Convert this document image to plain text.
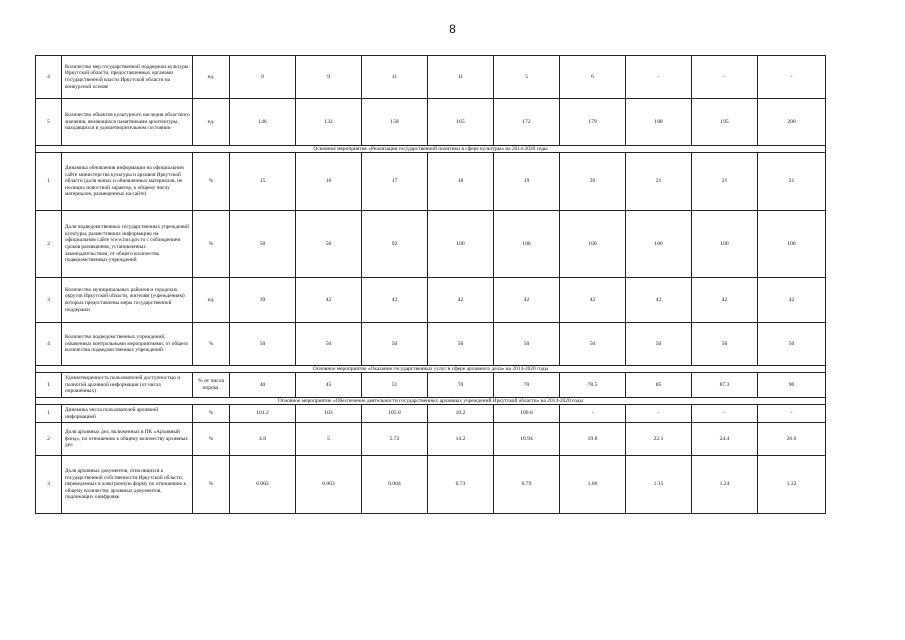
8
4	Количество мер государственной поддержки культуры Иркутской области, предоставленных органами государственной власти Иркутской области на конкурсной основе	ед.	9	9	11	11	5	6	-	-	-
5	Количество объектов культурного наследия областного значения, являющихся памятниками архитектуры, находящихся в удовлетворительном состоянии	ед.	146	132	158	165	172	179	188	195	200
Основное мероприятие «Реализация государственной политики в сфере культуры» на 2014-2020 годы											
1	Динамика обновления информации на официальном сайте министерства культуры и архивов Иркутской области (доля новых и обновленных материалов, не носящих новостной характер, к общему числу материалов, размещенных на сайте)	%	15	16	17	18	19	20	21	21	21
2	Доля подведомственных государственных учреждений культуры, разместивших информацию на официальном сайте www.bus.gov.ru с соблюдением сроков размещения, установленных законодательством, от общего количества подведомственных учреждений	%	50	50	92	100	100	100	100	100	100
3	Количество муниципальных районов и городских округов Иркутской области, жителям (учреждениям) которых предоставлены меры государственной поддержки	ед.	39	42	42	42	42	42	42	42	42
4	Количество подведомственных учреждений, охваченных контрольными мероприятиями, от общего количества подведомственных учреждений	%	50	50	50	50	50	50	50	50	50
Основное мероприятие «Оказание государственных услуг в сфере архивного дела» на 2014-2020 годы											
1	Удовлетворенность пользователей доступностью и полнотой архивной информации (от числа опрошенных)	% от числа опрош.	40	45	51	70	70	78.5	85	87.3	90
Основное мероприятие «Обеспечение деятельности государственных архивных учреждений Иркутской области» на 2014-2020 годы											
1	Динамика числа пользователей архивной информацией	%	101.2	103	105.8	10.2	100.6	-	-	-	-
2	Доля архивных дел, включенных в ПК «Архивный фонд», по отношению к общему количеству архивных дел	%	4.8	5	5.72	14.2	16.94	19.8	22.1	24.4	26.6
3	Доля архивных документов, относящихся к государственной собственности Иркутской области, переведенных в электронную форму по отношению к общему количеству архивных документов, подлежащих оцифровке	%	0.002	0.003	0.004	0.73	0.79	1.06	1.15	1.24	1.32
